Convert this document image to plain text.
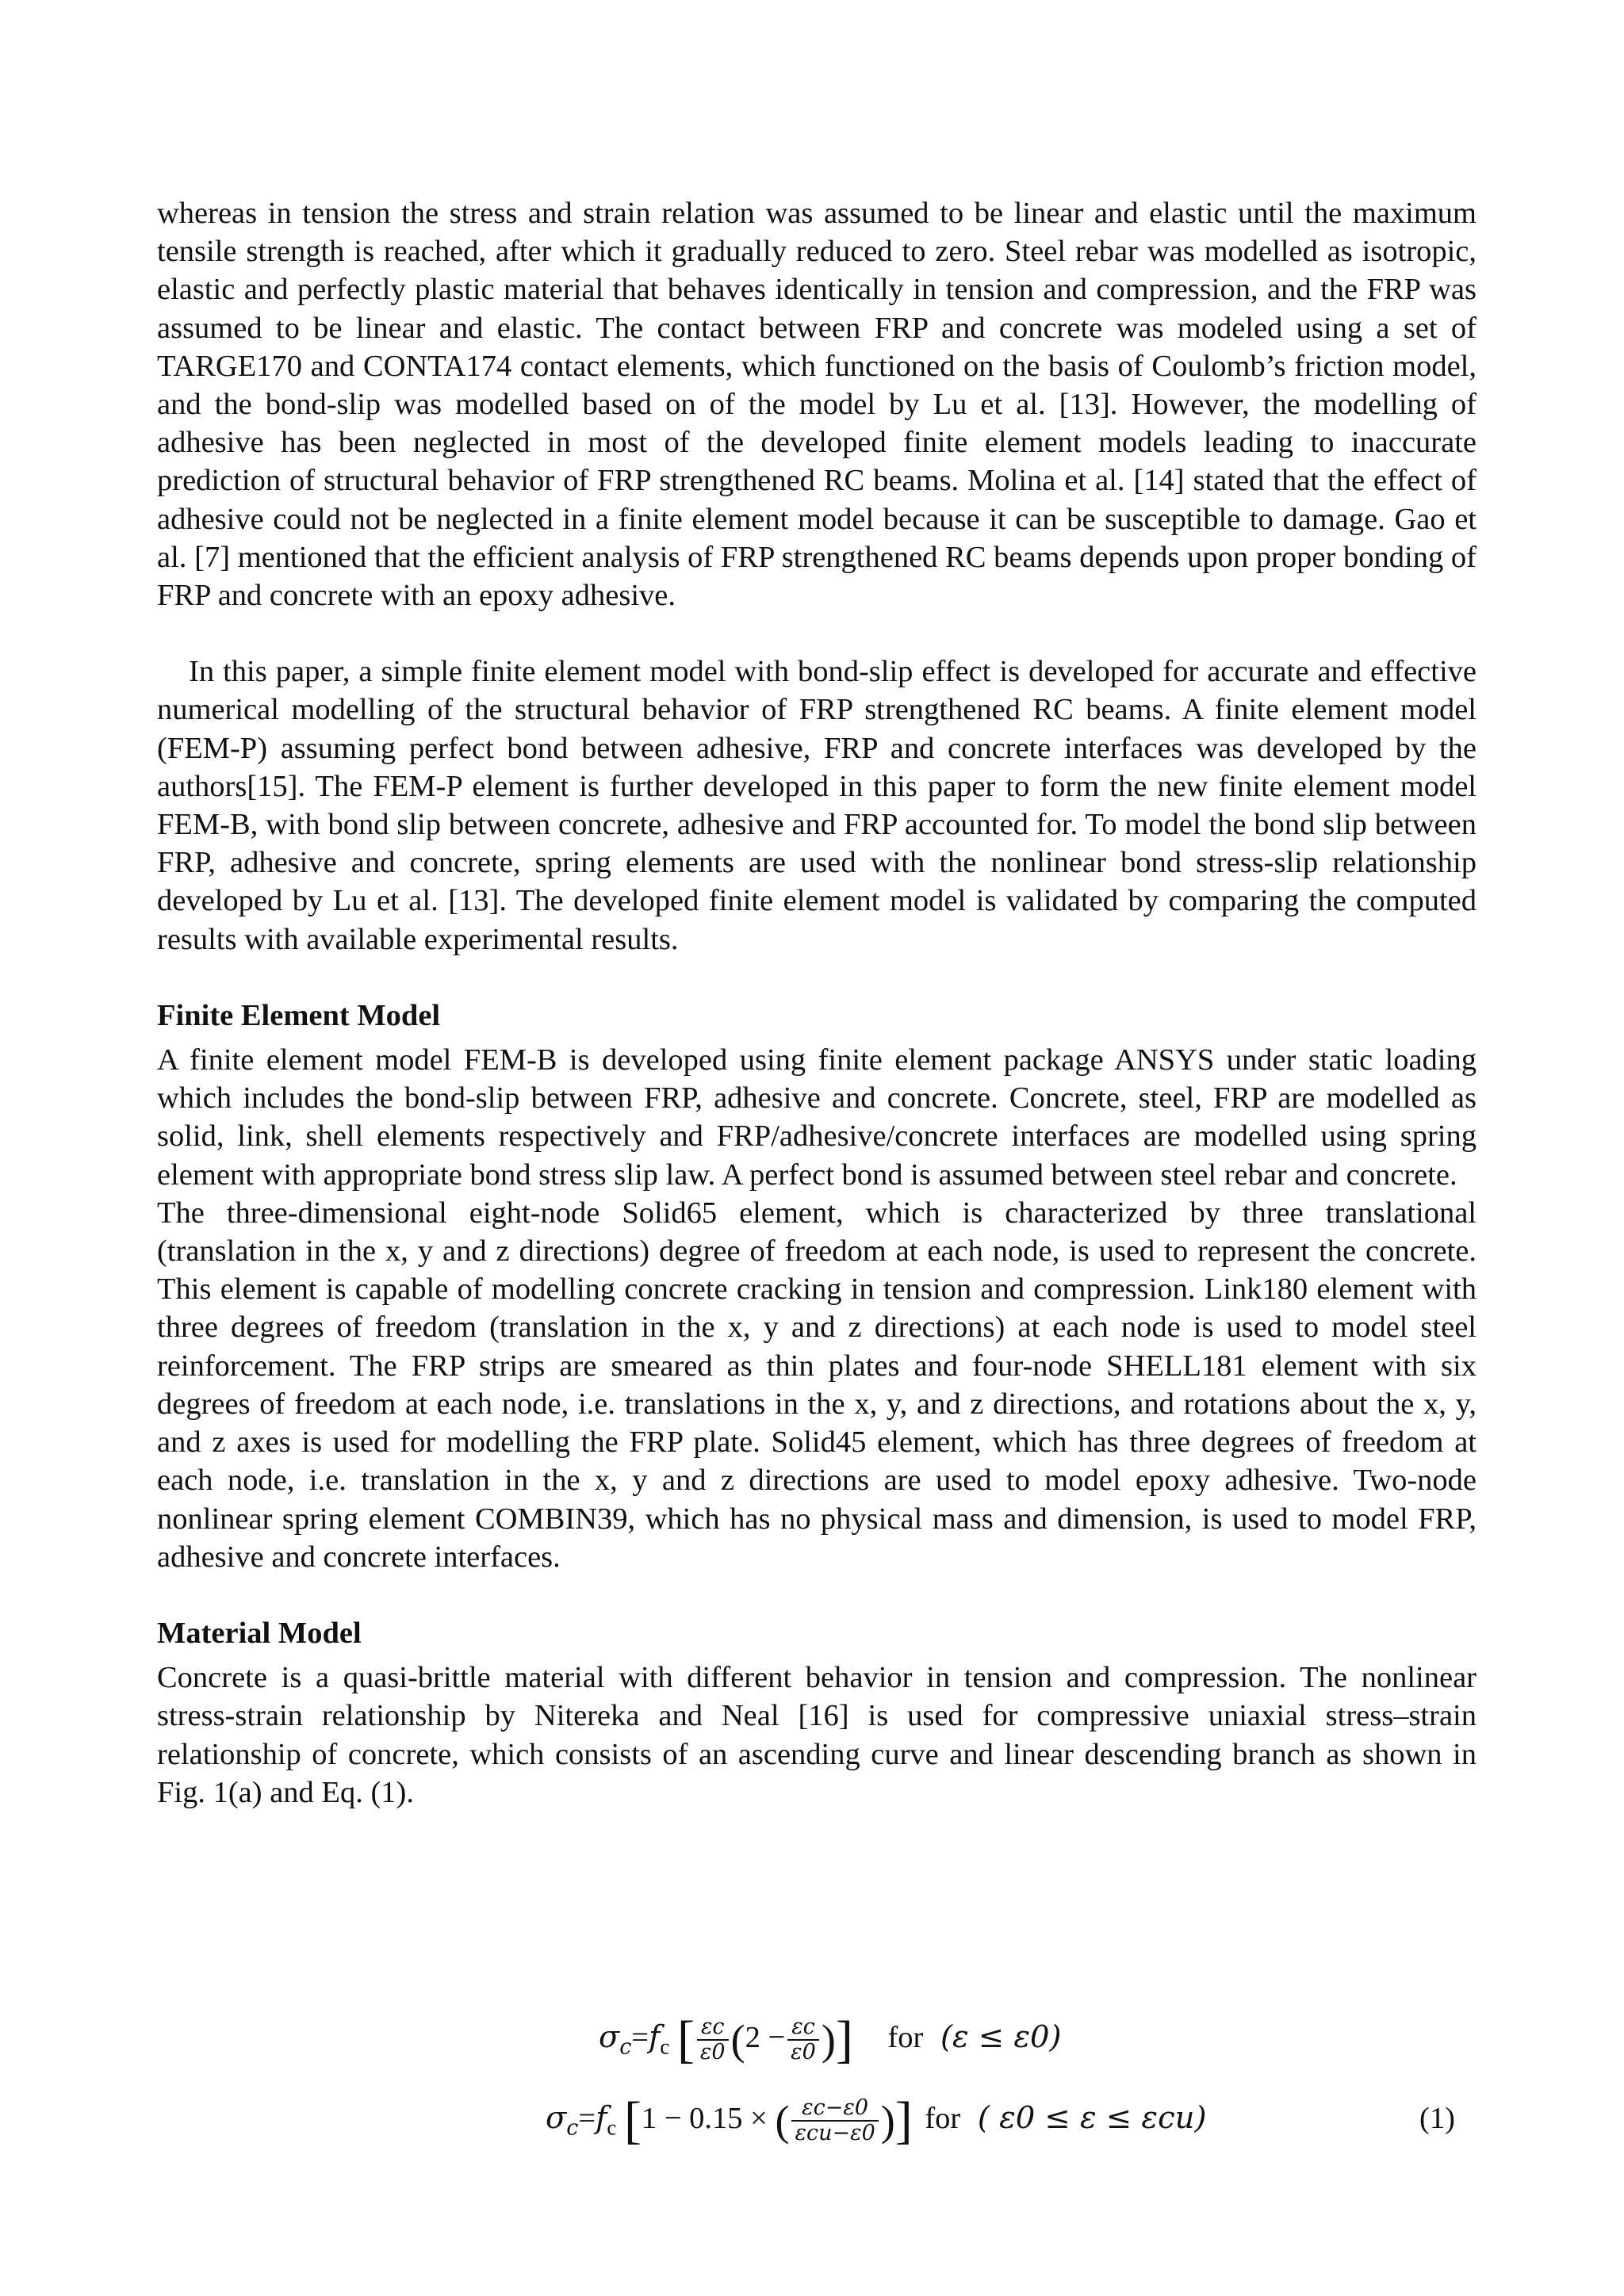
whereas in tension the stress and strain relation was assumed to be linear and elastic until the maximum tensile strength is reached, after which it gradually reduced to zero. Steel rebar was modelled as isotropic, elastic and perfectly plastic material that behaves identically in tension and compression, and the FRP was assumed to be linear and elastic. The contact between FRP and concrete was modeled using a set of TARGE170 and CONTA174 contact elements, which functioned on the basis of Coulomb’s friction model, and the bond-slip was modelled based on of the model by Lu et al. [13]. However, the modelling of adhesive has been neglected in most of the developed finite element models leading to inaccurate prediction of structural behavior of FRP strengthened RC beams. Molina et al. [14] stated that the effect of adhesive could not be neglected in a finite element model because it can be susceptible to damage. Gao et al. [7] mentioned that the efficient analysis of FRP strengthened RC beams depends upon proper bonding of FRP and concrete with an epoxy adhesive.

In this paper, a simple finite element model with bond-slip effect is developed for accurate and effective numerical modelling of the structural behavior of FRP strengthened RC beams. A finite element model (FEM-P) assuming perfect bond between adhesive, FRP and concrete interfaces was developed by the authors[15]. The FEM-P element is further developed in this paper to form the new finite element model FEM-B, with bond slip between concrete, adhesive and FRP accounted for. To model the bond slip between FRP, adhesive and concrete, spring elements are used with the nonlinear bond stress-slip relationship developed by Lu et al. [13]. The developed finite element model is validated by comparing the computed results with available experimental results.

Finite Element Model

A finite element model FEM-B is developed using finite element package ANSYS under static loading which includes the bond-slip between FRP, adhesive and concrete. Concrete, steel, FRP are modelled as solid, link, shell elements respectively and FRP/adhesive/concrete interfaces are modelled using spring element with appropriate bond stress slip law. A perfect bond is assumed between steel rebar and concrete.

The three-dimensional eight-node Solid65 element, which is characterized by three translational (translation in the x, y and z directions) degree of freedom at each node, is used to represent the concrete. This element is capable of modelling concrete cracking in tension and compression. Link180 element with three degrees of freedom (translation in the x, y and z directions) at each node is used to model steel reinforcement. The FRP strips are smeared as thin plates and four-node SHELL181 element with six degrees of freedom at each node, i.e. translations in the x, y, and z directions, and rotations about the x, y, and z axes is used for modelling the FRP plate. Solid45 element, which has three degrees of freedom at each node, i.e. translation in the x, y and z directions are used to model epoxy adhesive. Two-node nonlinear spring element COMBIN39, which has no physical mass and dimension, is used to model FRP, adhesive and concrete interfaces.

Material Model

Concrete is a quasi-brittle material with different behavior in tension and compression. The nonlinear stress-strain relationship by Nitereka and Neal [16] is used for compressive uniaxial stress–strain relationship of concrete, which consists of an ascending curve and linear descending branch as shown in Fig. 1(a) and Eq. (1).

$\sigma_c=f_c$ [ $\frac{\varepsilon c}{\varepsilon 0} (2 - \frac{\varepsilon c}{\varepsilon 0}$ )] for (ε ≤ ε0)
$\sigma_c=f_c$ [1 − 0.15 × ( $\frac{\varepsilon c-\varepsilon 0}{\text{εcu−ε0}}$ )] for ( ε0 ≤ ε ≤ εcu)	(1)
